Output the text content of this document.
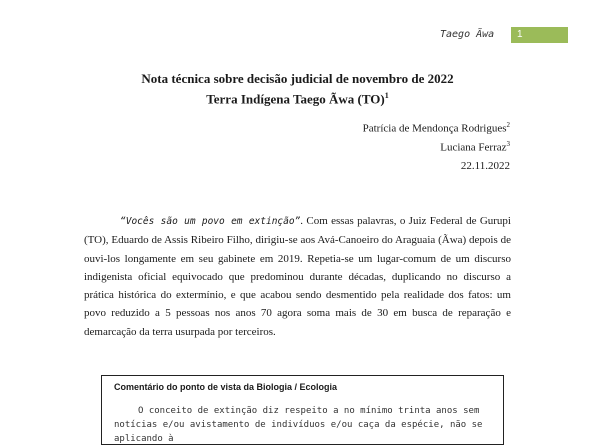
Taego Ãwa	1
Nota técnica sobre decisão judicial de novembro de 2022
Terra Indígena Taego Ãwa (TO)$^1$
Patrícia de Mendonça Rodrigues$^2$
Luciana Ferraz$^3$
22.11.2022
“Vocês são um povo em extinção”. Com essas palavras, o Juiz Federal de Gurupi (TO), Eduardo de Assis Ribeiro Filho, dirigiu-se aos Avá-Canoeiro do Araguaia (Ãwa) depois de ouvi-los longamente em seu gabinete em 2019. Repetia-se um lugar-comum de um discurso indigenista oficial equivocado que predominou durante décadas, duplicando no discurso a prática histórica do extermínio, e que acabou sendo desmentido pela realidade dos fatos: um povo reduzido a 5 pessoas nos anos 70 agora soma mais de 30 em busca de reparação e demarcação da terra usurpada por terceiros.
Comentário do ponto de vista da Biologia / Ecologia
O conceito de extinção diz respeito a no mínimo trinta anos sem notícias e/ou avistamento de indivíduos e/ou caça da espécie, não se aplicando à
